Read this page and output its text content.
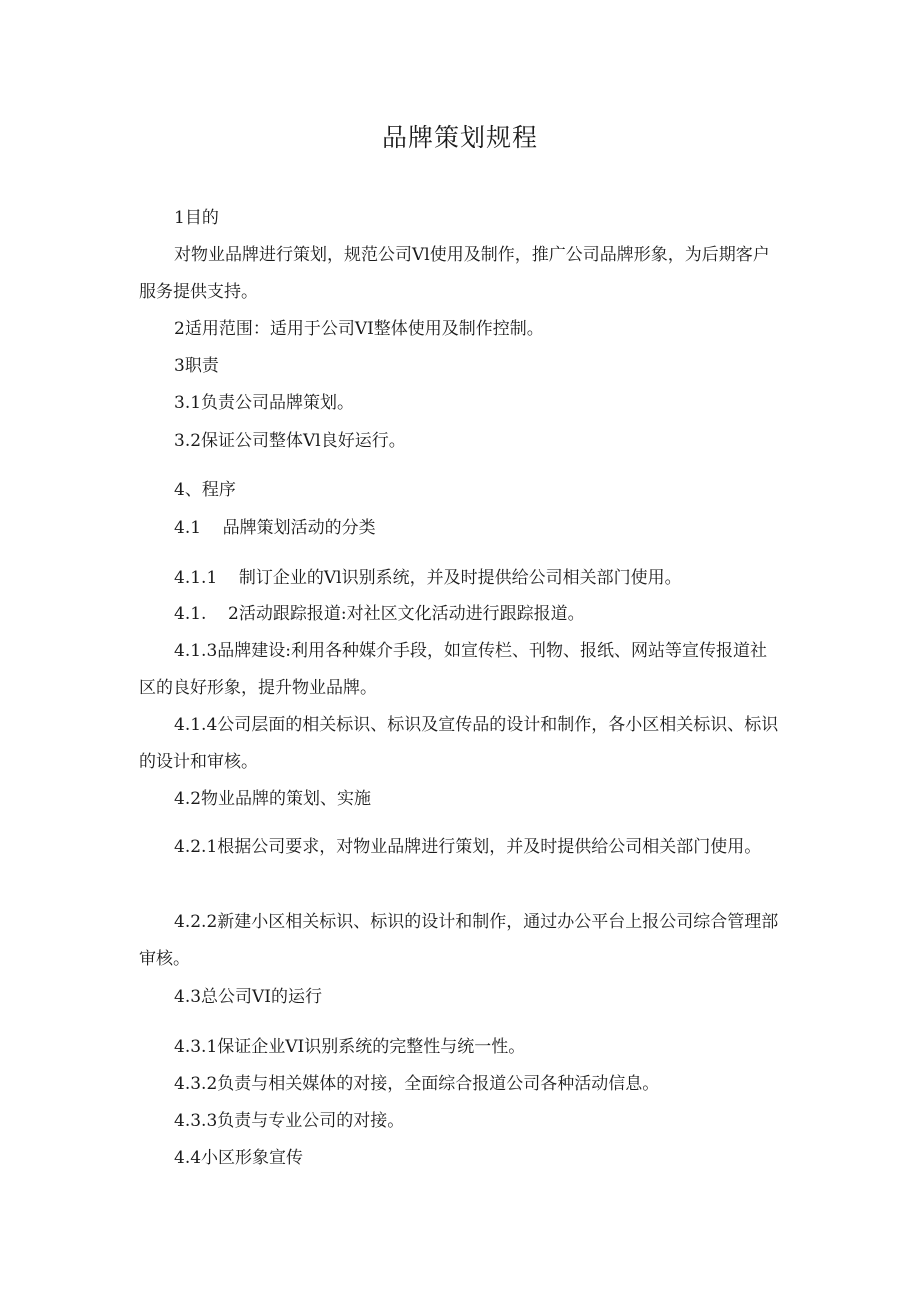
品牌策划规程
1目的
对物业品牌进行策划，规范公司Vl使用及制作，推广公司品牌形象，为后期客户服务提供支持。
2适用范围：适用于公司VI整体使用及制作控制。
3职责
3.1负责公司品牌策划。
3.2保证公司整体Vl良好运行。
4、程序
4.1    品牌策划活动的分类
4.1.1    制订企业的Vl识别系统，并及时提供给公司相关部门使用。
4.1.    2活动跟踪报道:对社区文化活动进行跟踪报道。
4.1.3品牌建设:利用各种媒介手段，如宣传栏、刊物、报纸、网站等宣传报道社区的良好形象，提升物业品牌。
4.1.4公司层面的相关标识、标识及宣传品的设计和制作，各小区相关标识、标识的设计和审核。
4.2物业品牌的策划、实施
4.2.1根据公司要求，对物业品牌进行策划，并及时提供给公司相关部门使用。
4.2.2新建小区相关标识、标识的设计和制作，通过办公平台上报公司综合管理部审核。
4.3总公司VI的运行
4.3.1保证企业VI识别系统的完整性与统一性。
4.3.2负责与相关媒体的对接，全面综合报道公司各种活动信息。
4.3.3负责与专业公司的对接。
4.4小区形象宣传
